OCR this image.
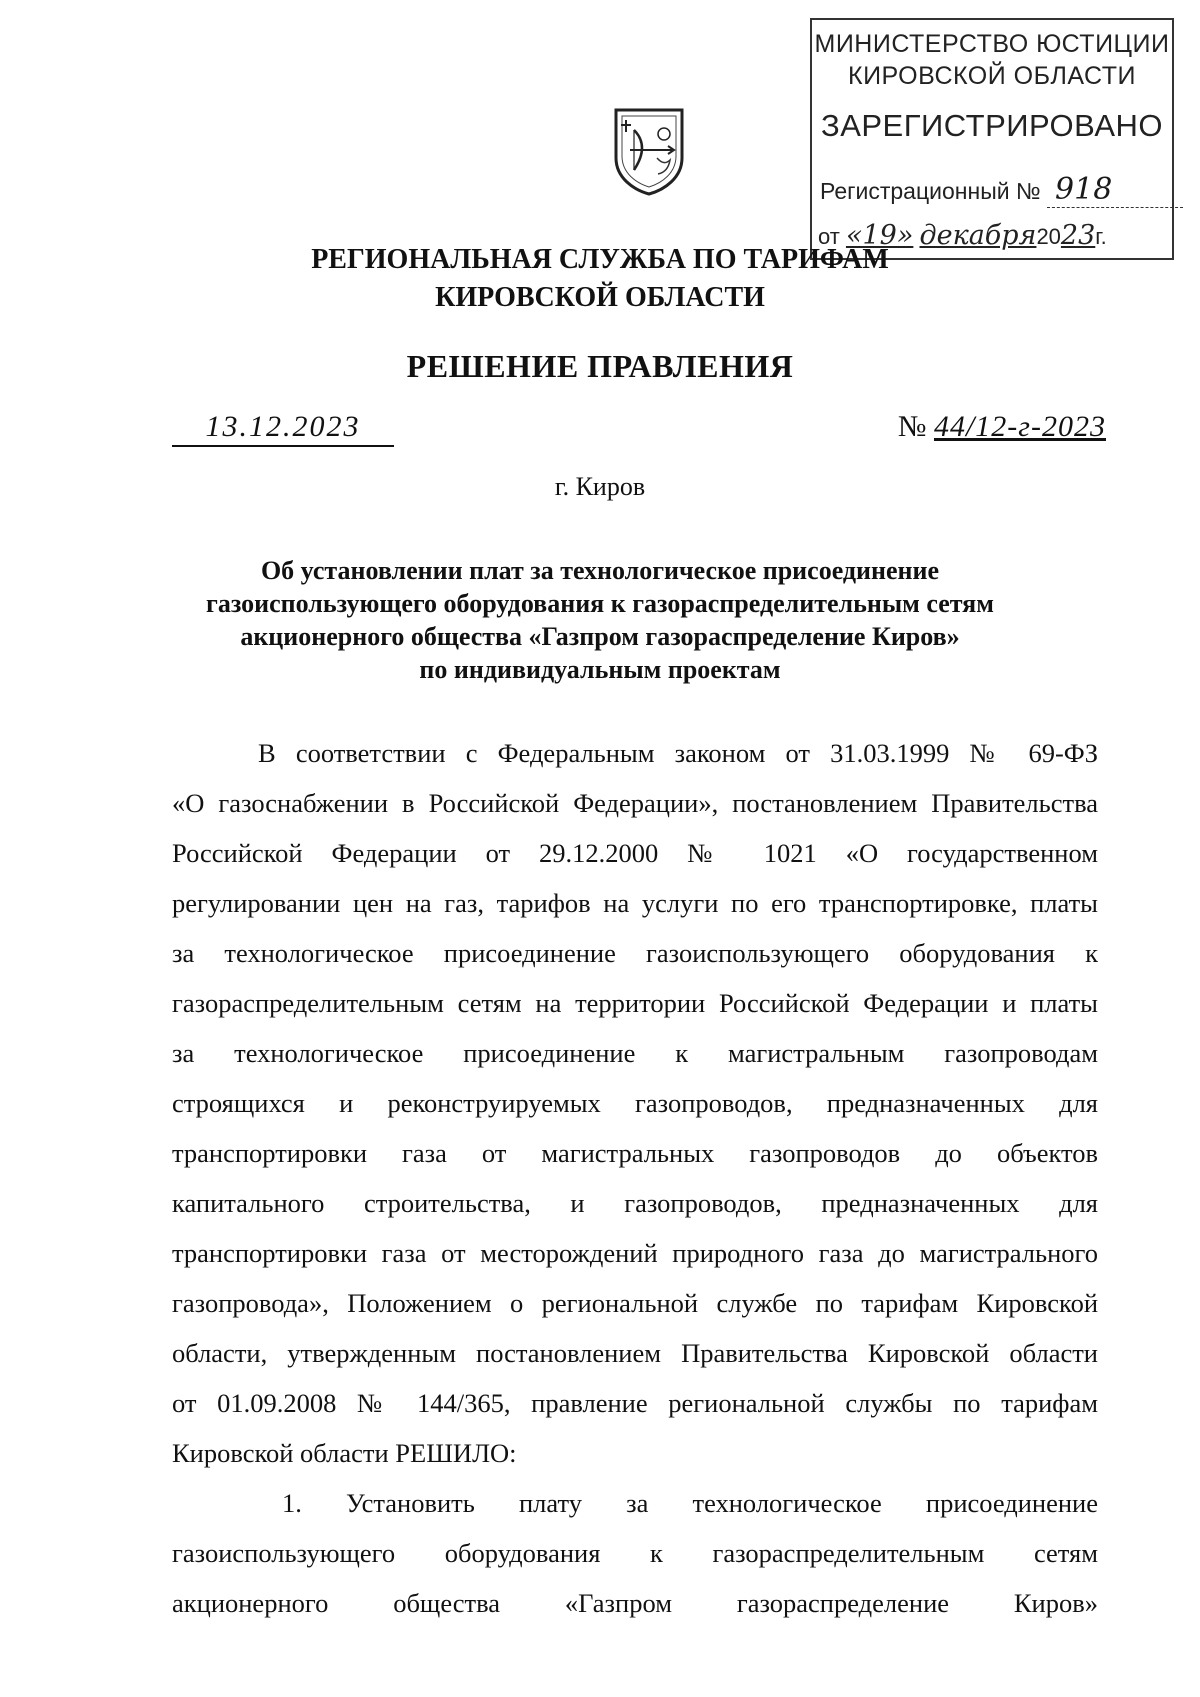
МИНИСТЕРСТВО ЮСТИЦИИ
КИРОВСКОЙ ОБЛАСТИ
ЗАРЕГИСТРИРОВАНО
Регистрационный № 918
от «19» декабря2023г.
РЕГИОНАЛЬНАЯ СЛУЖБА ПО ТАРИФАМ
КИРОВСКОЙ ОБЛАСТИ
РЕШЕНИЕ ПРАВЛЕНИЯ
13.12.2023	№ 44/12-г-2023
г. Киров
Об установлении плат за технологическое присоединение
газоиспользующего оборудования к газораспределительным сетям
акционерного общества «Газпром газораспределение Киров»
по индивидуальным проектам
В соответствии с Федеральным законом от 31.03.1999 № 69-ФЗ
«О газоснабжении в Российской Федерации», постановлением Правительства
Российской Федерации от 29.12.2000 № 1021 «О государственном
регулировании цен на газ, тарифов на услуги по его транспортировке, платы
за технологическое присоединение газоиспользующего оборудования к
газораспределительным сетям на территории Российской Федерации и платы
за технологическое присоединение к магистральным газопроводам
строящихся и реконструируемых газопроводов, предназначенных для
транспортировки газа от магистральных газопроводов до объектов
капитального строительства, и газопроводов, предназначенных для
транспортировки газа от месторождений природного газа до магистрального
газопровода», Положением о региональной службе по тарифам Кировской
области, утвержденным постановлением Правительства Кировской области
от 01.09.2008 № 144/365, правление региональной службы по тарифам
Кировской области РЕШИЛО:
1. Установить плату за технологическое присоединение
газоиспользующего оборудования к газораспределительным сетям
акционерного общества «Газпром газораспределение Киров»
